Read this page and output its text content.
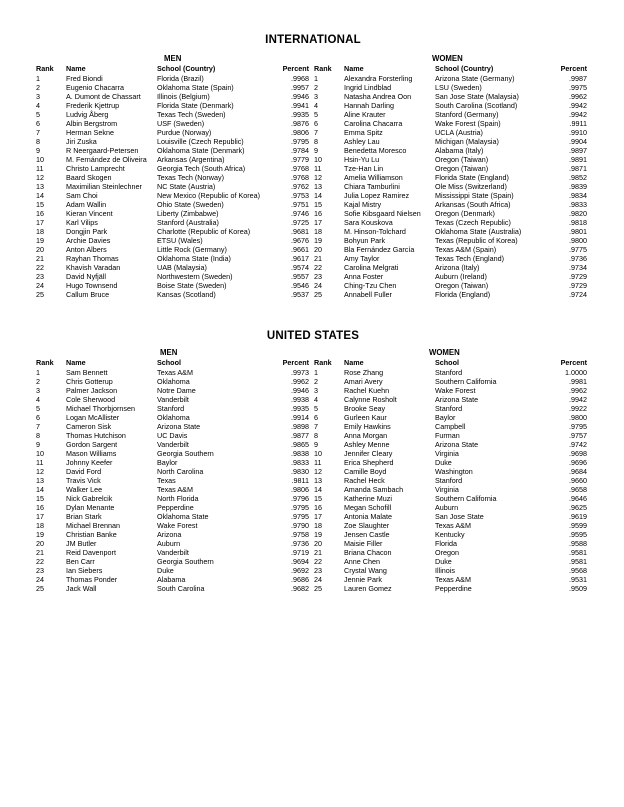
INTERNATIONAL
MEN
Rank	Name	School (Country)	Percent
1	Fred Biondi	Florida (Brazil)	.9968
2	Eugenio Chacarra	Oklahoma State (Spain)	.9957
3	A. Dumont de Chassart	Illinois (Belgium)	.9946
4	Frederik Kjettrup	Florida State (Denmark)	.9941
5	Ludvig Åberg	Texas Tech (Sweden)	.9935
6	Albin Bergstrom	USF (Sweden)	.9876
7	Herman Sekne	Purdue (Norway)	.9806
8	Jiri Zuska	Louisville (Czech Republic)	.9795
9	R Neergaard-Petersen	Oklahoma State (Denmark)	.9784
10	M. Fernández de Oliveira	Arkansas (Argentina)	.9779
11	Christo Lamprecht	Georgia Tech (South Africa)	.9768
12	Baard Skogen	Texas Tech (Norway)	.9768
13	Maximilian Steinlechner	NC State (Austria)	.9762
14	Sam Choi	New Mexico (Republic of Korea)	.9753
15	Adam Wallin	Ohio State (Sweden)	.9751
16	Kieran Vincent	Liberty (Zimbabwe)	.9746
17	Karl Vilips	Stanford (Australia)	.9725
18	Dongjin Park	Charlotte (Republic of Korea)	.9681
19	Archie Davies	ETSU (Wales)	.9676
20	Anton Albers	Little Rock (Germany)	.9661
21	Rayhan Thomas	Oklahoma State (India)	.9617
22	Khavish Varadan	UAB (Malaysia)	.9574
23	David Nyfjäll	Northwestern (Sweden)	.9557
24	Hugo Townsend	Boise State (Sweden)	.9546
25	Callum Bruce	Kansas (Scotland)	.9537
WOMEN
Rank	Name	School (Country)	Percent
1	Alexandra Forsterling	Arizona State (Germany)	.9987
2	Ingrid Lindblad	LSU (Sweden)	.9975
3	Natasha Andrea Oon	San Jose State (Malaysia)	.9962
4	Hannah Darling	South Carolina (Scotland)	.9942
5	Aline Krauter	Stanford (Germany)	.9942
6	Carolina Chacarra	Wake Forest (Spain)	.9911
7	Emma Spitz	UCLA (Austria)	.9910
8	Ashley Lau	Michigan (Malaysia)	.9904
9	Benedetta Moresco	Alabama (Italy)	.9897
10	Hsin-Yu Lu	Oregon (Taiwan)	.9891
11	Tze-Han Lin	Oregon (Taiwan)	.9871
12	Amelia Williamson	Florida State (England)	.9852
13	Chiara Tamburlini	Ole Miss (Switzerland)	.9839
14	Julia Lopez Ramirez	Mississippi State (Spain)	.9834
15	Kajal Mistry	Arkansas (South Africa)	.9833
16	Sofie Kibsgaard Nielsen	Oregon (Denmark)	.9820
17	Sara Kouskova	Texas (Czech Republic)	.9818
18	M. Hinson-Tolchard	Oklahoma State (Australia)	.9801
19	Bohyun Park	Texas (Republic of Korea)	.9800
20	Bla Fernández García	Texas A&M (Spain)	.9775
21	Amy Taylor	Texas Tech (England)	.9736
22	Carolina Melgrati	Arizona (Italy)	.9734
23	Anna Foster	Auburn (Ireland)	.9729
24	Ching-Tzu Chen	Oregon (Taiwan)	.9729
25	Annabell Fuller	Florida (England)	.9724
UNITED STATES
MEN
Rank	Name	School	Percent
1	Sam Bennett	Texas A&M	.9973
2	Chris Gotterup	Oklahoma	.9962
3	Palmer Jackson	Notre Dame	.9946
4	Cole Sherwood	Vanderbilt	.9938
5	Michael Thorbjornsen	Stanford	.9935
6	Logan McAllister	Oklahoma	.9914
7	Cameron Sisk	Arizona State	.9898
8	Thomas Hutchison	UC Davis	.9877
9	Gordon Sargent	Vanderbilt	.9865
10	Mason Williams	Georgia Southern	.9838
11	Johnny Keefer	Baylor	.9833
12	David Ford	North Carolina	.9830
13	Travis Vick	Texas	.9811
14	Walker Lee	Texas A&M	.9806
15	Nick Gabrelcik	North Florida	.9796
16	Dylan Menante	Pepperdine	.9795
17	Brian Stark	Oklahoma State	.9795
18	Michael Brennan	Wake Forest	.9790
19	Christian Banke	Arizona	.9758
20	JM Butler	Auburn	.9736
21	Reid Davenport	Vanderbilt	.9719
22	Ben Carr	Georgia Southern	.9694
23	Ian Siebers	Duke	.9692
24	Thomas Ponder	Alabama	.9686
25	Jack Wall	South Carolina	.9682
WOMEN
Rank	Name	School	Percent
1	Rose Zhang	Stanford	1.0000
2	Amari Avery	Southern California	.9981
3	Rachel Kuehn	Wake Forest	.9962
4	Calynne Rosholt	Arizona State	.9942
5	Brooke Seay	Stanford	.9922
6	Gurleen Kaur	Baylor	.9800
7	Emily Hawkins	Campbell	.9795
8	Anna Morgan	Furman	.9757
9	Ashley Menne	Arizona State	.9742
10	Jennifer Cleary	Virginia	.9698
11	Erica Shepherd	Duke	.9696
12	Camille Boyd	Washington	.9684
13	Rachel Heck	Stanford	.9660
14	Amanda Sambach	Virginia	.9658
15	Katherine Muzi	Southern California	.9646
16	Megan Schofill	Auburn	.9625
17	Antonia Malate	San Jose State	.9619
18	Zoe Slaughter	Texas A&M	.9599
19	Jensen Castle	Kentucky	.9595
20	Maisie Filler	Florida	.9588
21	Briana Chacon	Oregon	.9581
22	Anne Chen	Duke	.9581
23	Crystal Wang	Illinois	.9568
24	Jennie Park	Texas A&M	.9531
25	Lauren Gomez	Pepperdine	.9509
